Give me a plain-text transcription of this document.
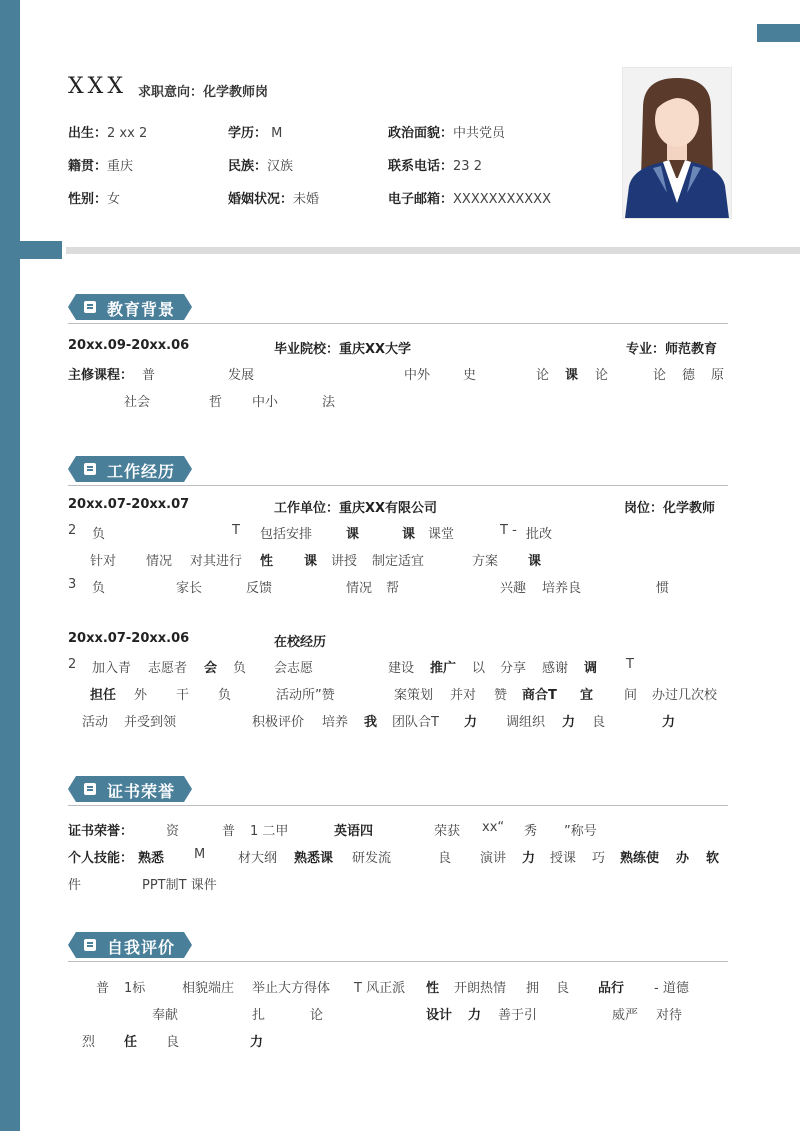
XXX 求职意向：化学教师岗
出生：2 xx 2	学历： M	政治面貌：中共党员
籍贯：重庆	民族：汉族	联系电话：23 2
性别：女	婚姻状况：未婚	电子邮箱：XXXXXXXXXXX
教育背景
20xx.09-20xx.06	毕业院校：重庆XX大学	专业：师范教育
主修课程： 普	发展	中外	史	论 课 论	论 德 原
社会	哲 中小	法
工作经历
20xx.07-20xx.07	工作单位：重庆XX有限公司	岗位：化学教师
2 负	T 包括安排	课	课 课堂	T - 批改
针对 情况 对其进行 性 课 讲授 制定适宜	方案 课
3 负	家长	反馈	情况 帮	兴趣 培养良	惯
20xx.07-20xx.06	在校经历
2 加入青 志愿者 会 负 会志愿	建设 推广 以 分享 感谢 调 T
担任 外 干 负	活动所”赞	案策划 并对 赞 商合T 宜 间 办过几次校
活动 并受到领	积极评价 培养 我 团队合T 力 调组织 力 良	力
证书荣誉
证书荣誉：	资	普 1 二甲	英语四	荣获 xx“ 秀 ”称号
个人技能： 熟悉 M	材大纲 熟悉课 研发流	良 演讲 力 授课 巧 熟练使 办 软
件	PPT制T 课件
自我评价
普 1标	相貌端庄 举止大方得体 T 风正派 性 开朗热情 拥 良 品行 - 道德
奉献	扎	论	设计 力 善于引	威严 对待
烈 任 良	力
